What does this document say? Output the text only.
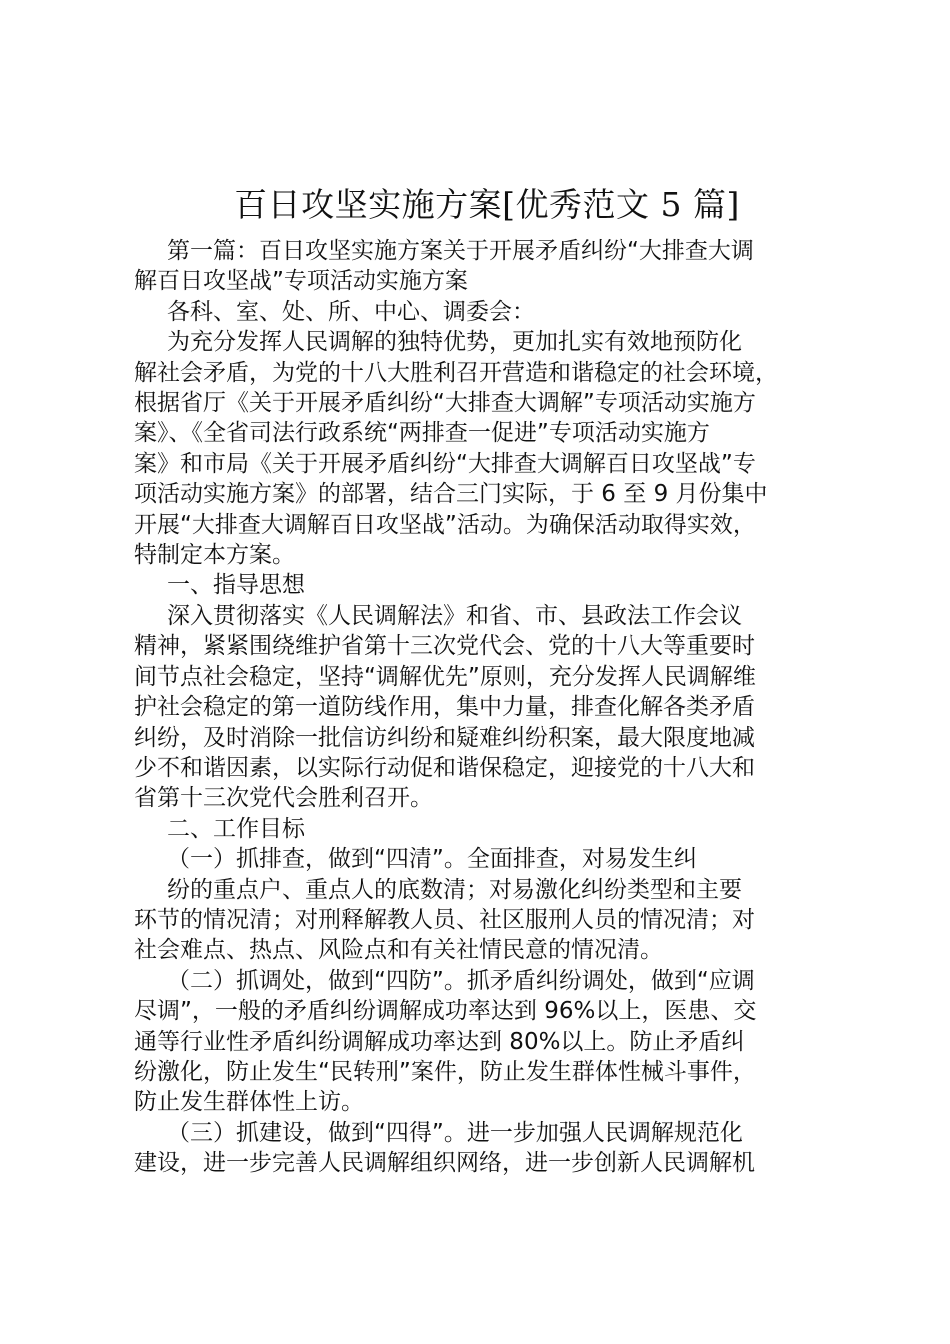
百日攻坚实施方案[优秀范文 5 篇]

第一篇：百日攻坚实施方案关于开展矛盾纠纷“大排查大调

解百日攻坚战”专项活动实施方案

各科、室、处、所、中心、调委会：

为充分发挥人民调解的独特优势，更加扎实有效地预防化

解社会矛盾，为党的十八大胜利召开营造和谐稳定的社会环境，

根据省厅《关于开展矛盾纠纷“大排查大调解”专项活动实施方

案》、《全省司法行政系统“两排查一促进”专项活动实施方

案》和市局《关于开展矛盾纠纷“大排查大调解百日攻坚战”专

项活动实施方案》的部署，结合三门实际，于 6 至 9 月份集中

开展“大排查大调解百日攻坚战”活动。为确保活动取得实效，

特制定本方案。

一、指导思想

深入贯彻落实《人民调解法》和省、市、县政法工作会议

精神，紧紧围绕维护省第十三次党代会、党的十八大等重要时

间节点社会稳定，坚持“调解优先”原则，充分发挥人民调解维

护社会稳定的第一道防线作用，集中力量，排查化解各类矛盾

纠纷，及时消除一批信访纠纷和疑难纠纷积案，最大限度地减

少不和谐因素，以实际行动促和谐保稳定，迎接党的十八大和

省第十三次党代会胜利召开。

二、工作目标

（一）抓排查，做到“四清”。全面排查，对易发生纠

纷的重点户、重点人的底数清；对易激化纠纷类型和主要

环节的情况清；对刑释解教人员、社区服刑人员的情况清；对

社会难点、热点、风险点和有关社情民意的情况清。

（二）抓调处，做到“四防”。抓矛盾纠纷调处，做到“应调

尽调”，一般的矛盾纠纷调解成功率达到 96%以上，医患、交

通等行业性矛盾纠纷调解成功率达到 80%以上。防止矛盾纠

纷激化，防止发生“民转刑”案件，防止发生群体性械斗事件，

防止发生群体性上访。

（三）抓建设，做到“四得”。进一步加强人民调解规范化

建设，进一步完善人民调解组织网络，进一步创新人民调解机
